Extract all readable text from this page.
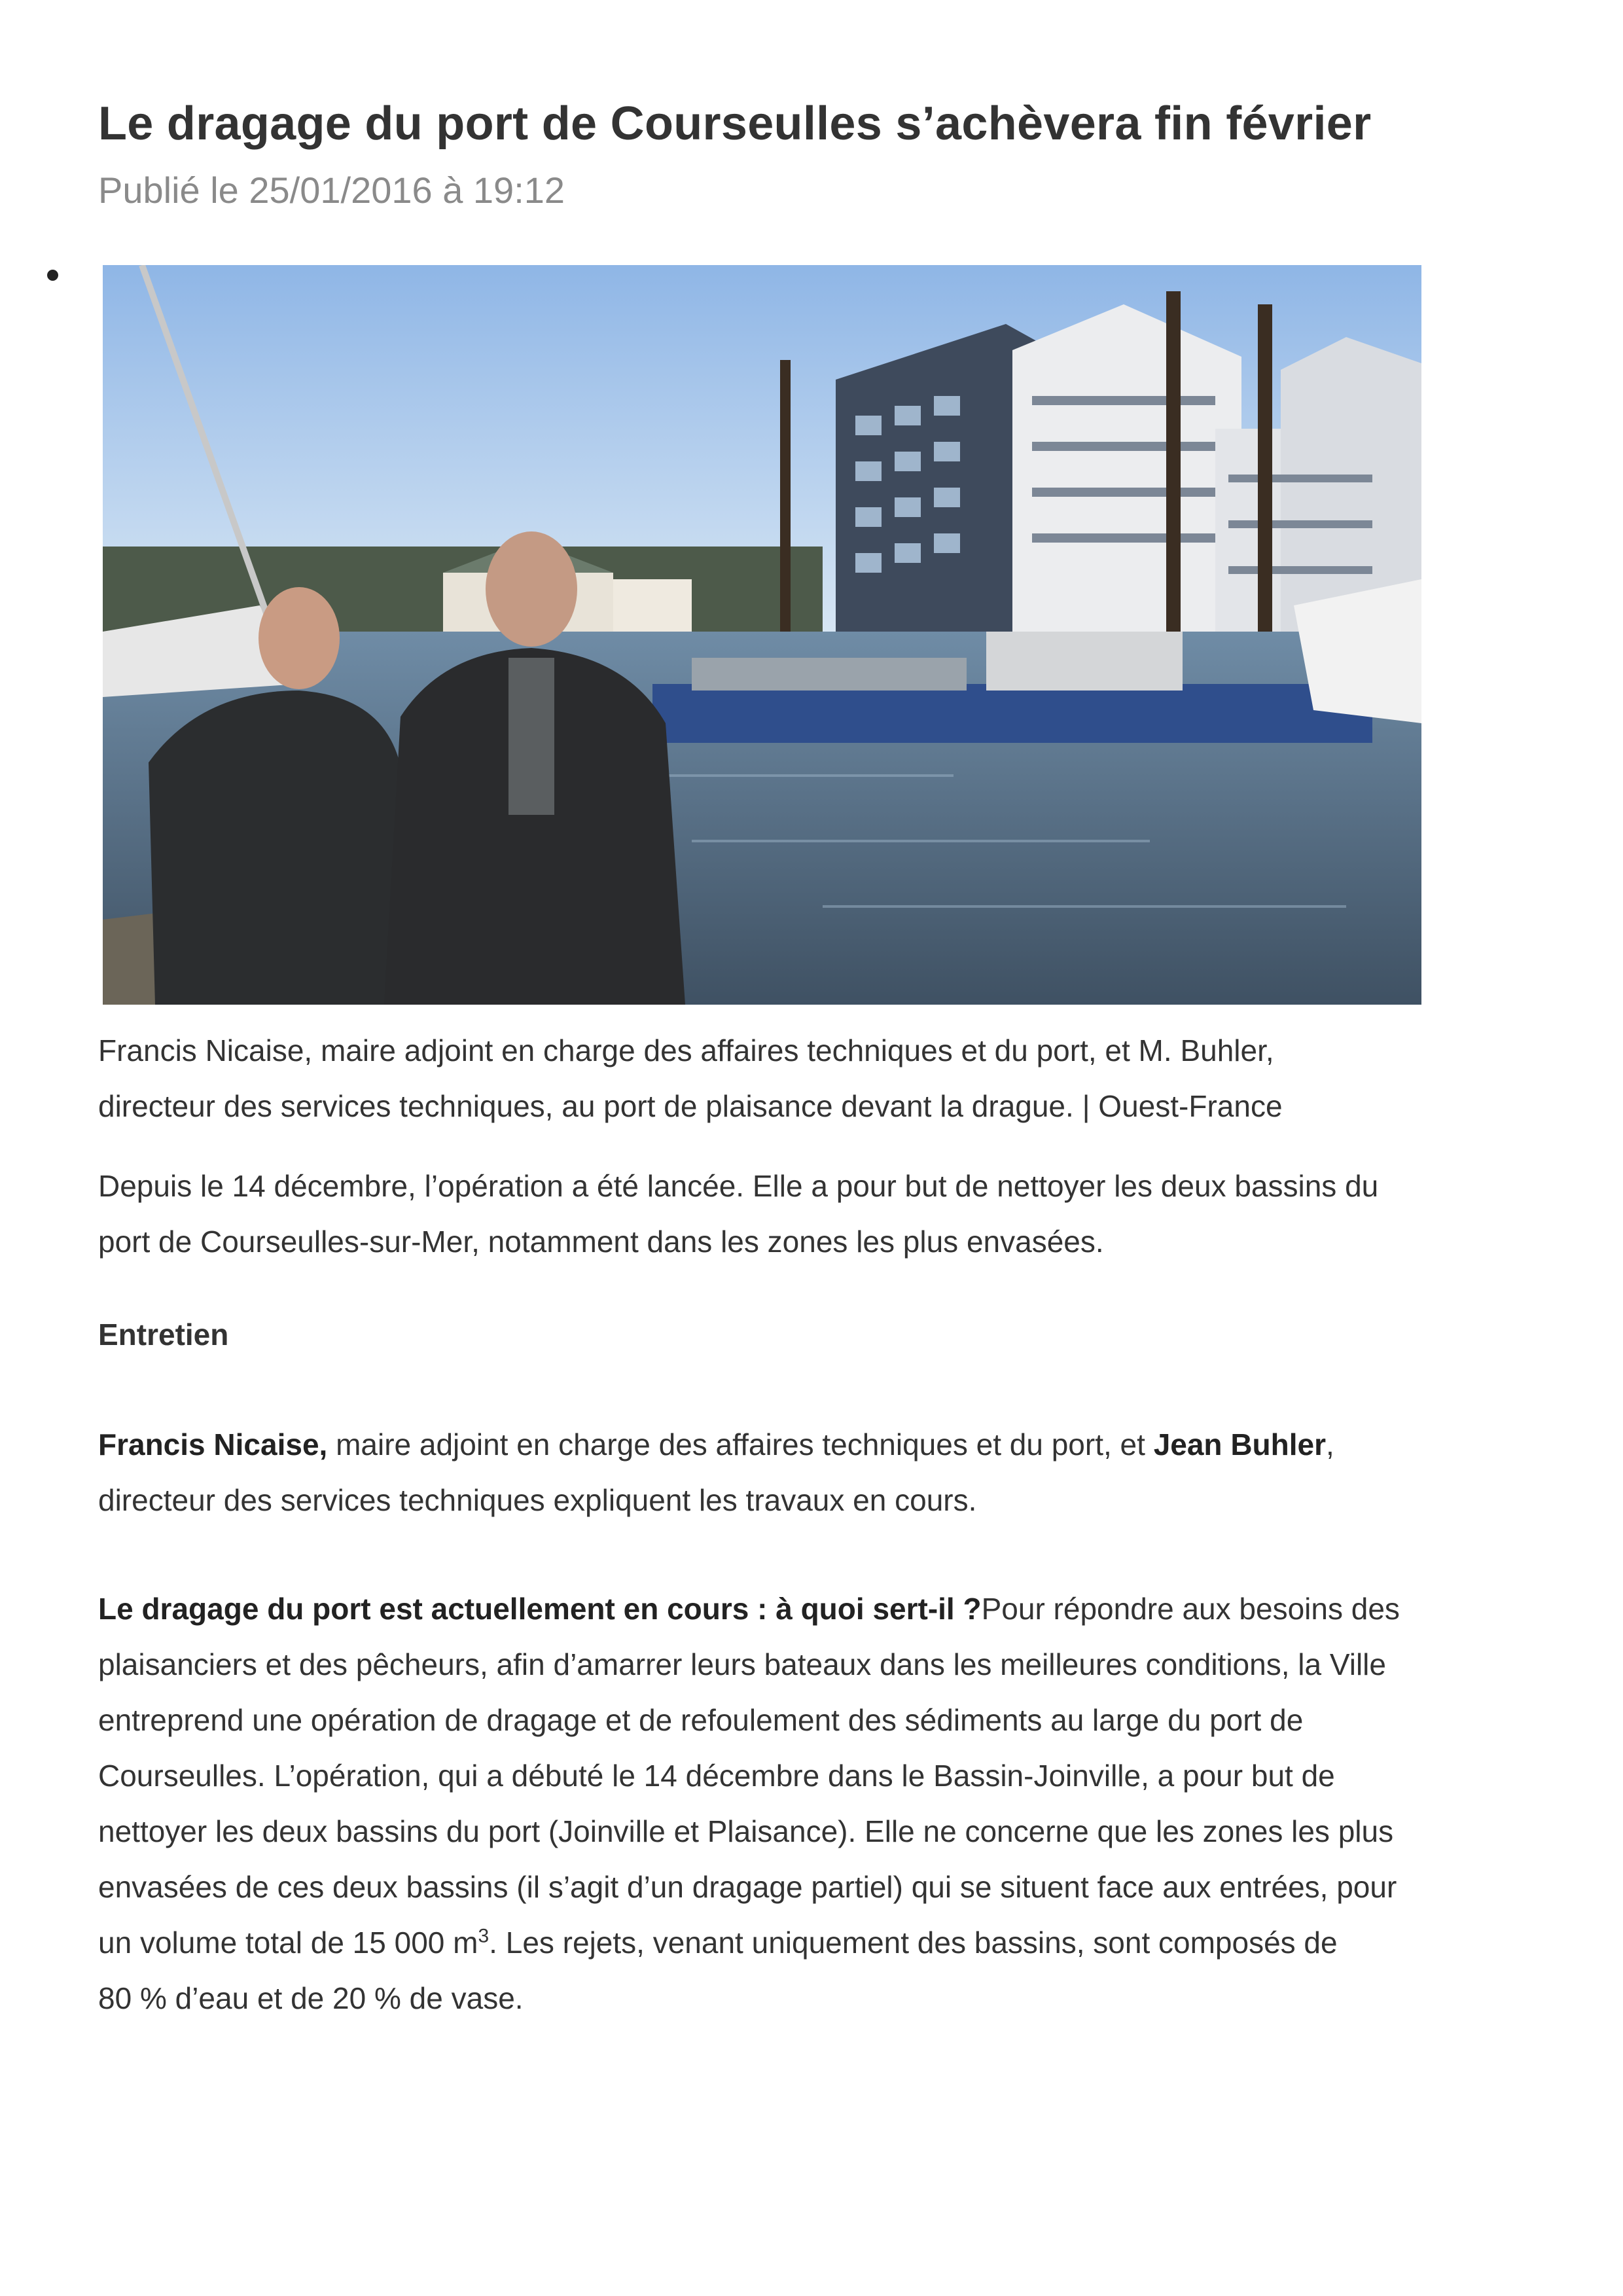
Le dragage du port de Courseulles s’achèvera fin février
Publié le 25/01/2016 à 19:12

Francis Nicaise, maire adjoint en charge des affaires techniques et du port, et M. Buhler,

directeur des services techniques, au port de plaisance devant la drague. | Ouest-France

Depuis le 14 décembre, l’opération a été lancée. Elle a pour but de nettoyer les deux bassins du

port de Courseulles-sur-Mer, notamment dans les zones les plus envasées.

Entretien

Francis Nicaise, maire adjoint en charge des affaires techniques et du port, et Jean Buhler,

directeur des services techniques expliquent les travaux en cours.

Le dragage du port est actuellement en cours : à quoi sert-il ?Pour répondre aux besoins des

plaisanciers et des pêcheurs, afin d’amarrer leurs bateaux dans les meilleures conditions, la Ville

entreprend une opération de dragage et de refoulement des sédiments au large du port de

Courseulles. L’opération, qui a débuté le 14 décembre dans le Bassin-Joinville, a pour but de

nettoyer les deux bassins du port (Joinville et Plaisance). Elle ne concerne que les zones les plus

envasées de ces deux bassins (il s’agit d’un dragage partiel) qui se situent face aux entrées, pour

un volume total de 15 000 $m^3$. Les rejets, venant uniquement des bassins, sont composés de

80 % d’eau et de 20 % de vase.
